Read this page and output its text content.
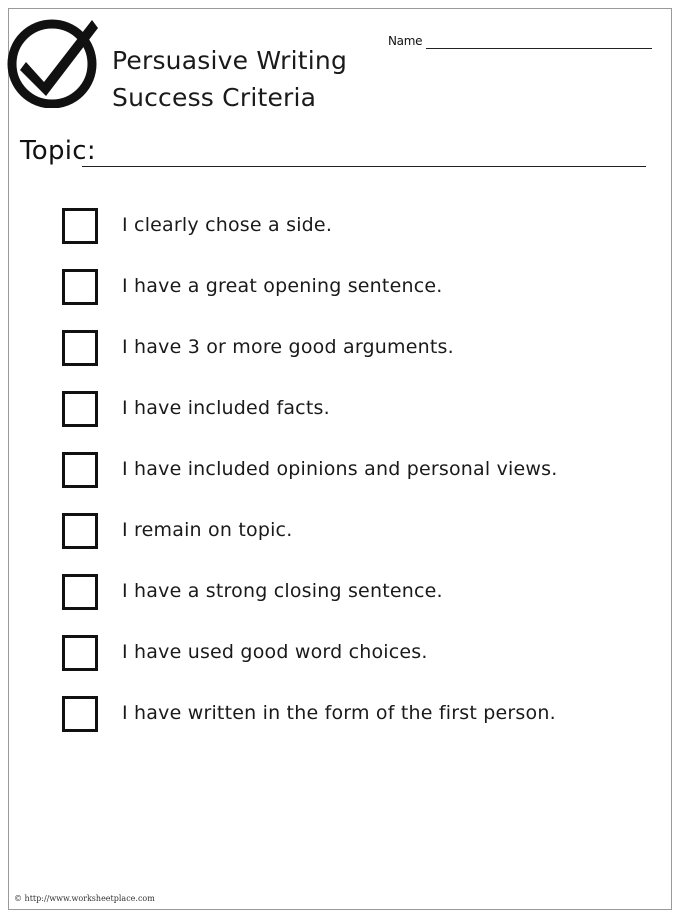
Persuasive Writing
Success Criteria
Name
Topic:
I clearly chose a side.
I have a great opening sentence.
I have 3 or more good arguments.
I have included facts.
I have included opinions and personal views.
I remain on topic.
I have a strong closing sentence.
I have used good word choices.
I have written in the form of the first person.
© http://www.worksheetplace.com
